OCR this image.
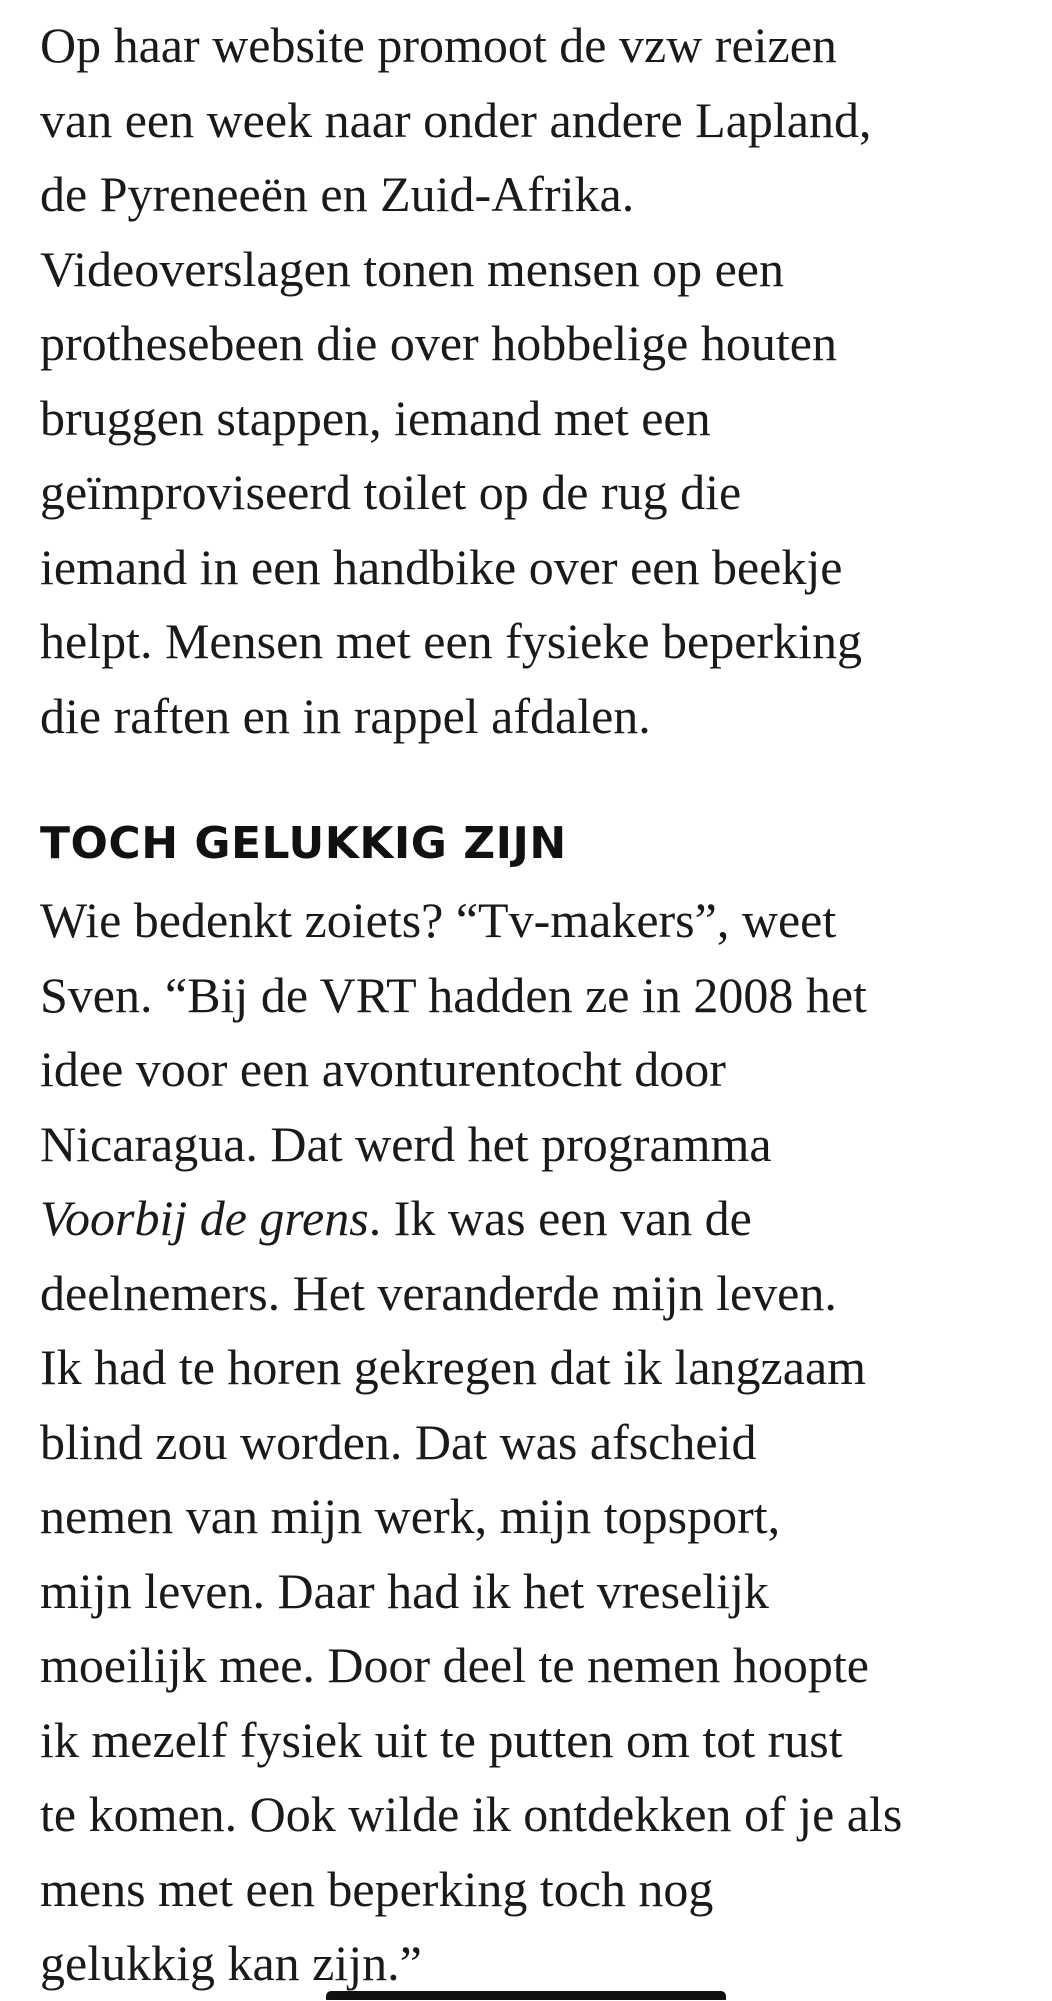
Op haar website promoot de vzw reizen
van een week naar onder andere Lapland,
de Pyreneeën en Zuid-Afrika.
Videoverslagen tonen mensen op een
prothesebeen die over hobbelige houten
bruggen stappen, iemand met een
geïmproviseerd toilet op de rug die
iemand in een handbike over een beekje
helpt. Mensen met een fysieke beperking
die raften en in rappel afdalen.

TOCH GELUKKIG ZIJN

Wie bedenkt zoiets? “Tv-makers”, weet
Sven. “Bij de VRT hadden ze in 2008 het
idee voor een avonturentocht door
Nicaragua. Dat werd het programma
Voorbij de grens. Ik was een van de
deelnemers. Het veranderde mijn leven.
Ik had te horen gekregen dat ik langzaam
blind zou worden. Dat was afscheid
nemen van mijn werk, mijn topsport,
mijn leven. Daar had ik het vreselijk
moeilijk mee. Door deel te nemen hoopte
ik mezelf fysiek uit te putten om tot rust
te komen. Ook wilde ik ontdekken of je als
mens met een beperking toch nog
gelukkig kan zijn.”
